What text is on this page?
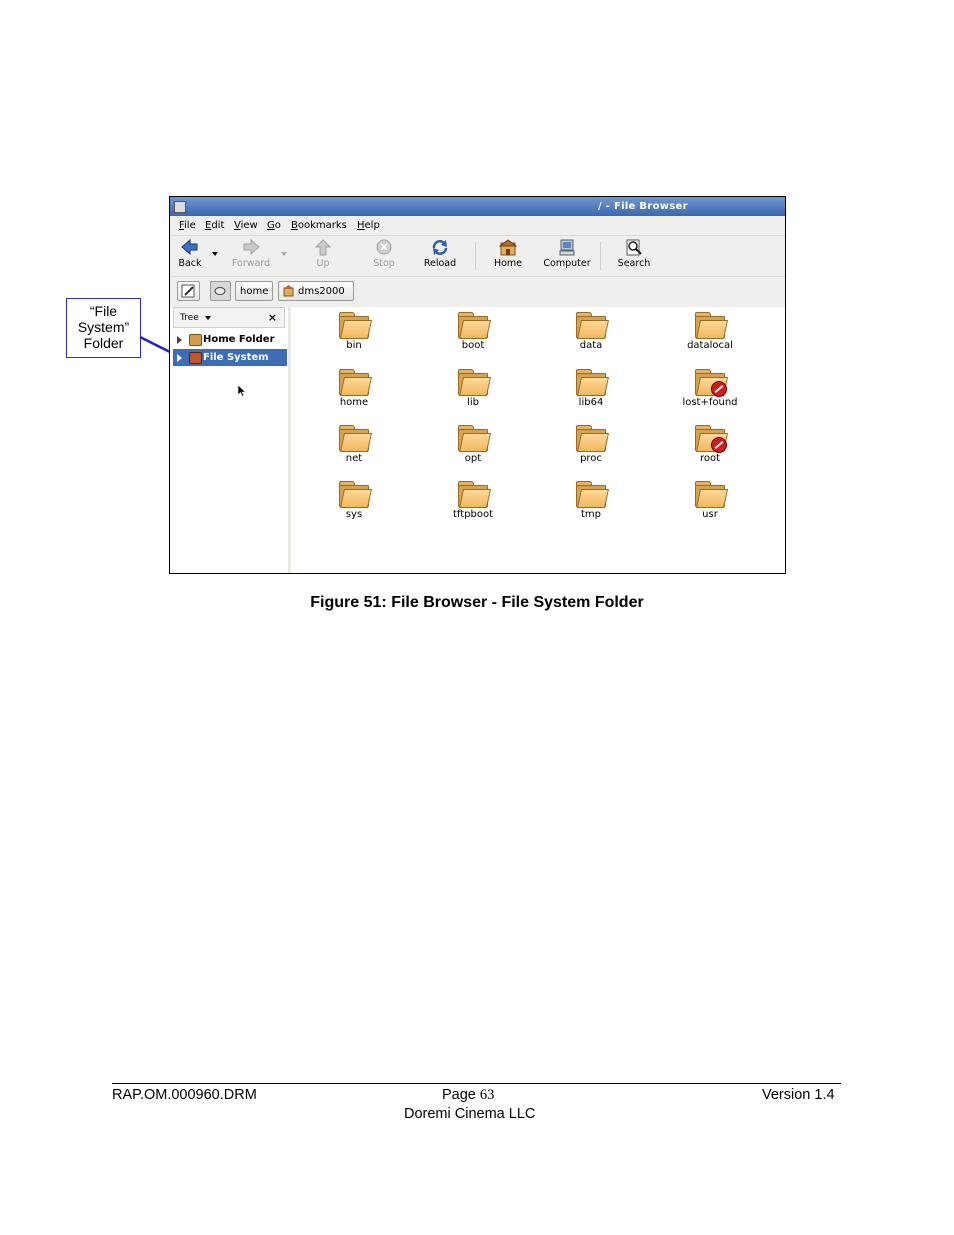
“File
System”
Folder
/ - File Browser
File Edit View Go Bookmarks Help
Back	Forward	Up	Stop	Reload	Home Computer	Search
home	dms2000
Tree	×
Home Folder
File System
bin	boot	data	datalocal
home	lib	lib64	lost+found
net	opt	proc	root
sys	tftpboot	tmp	usr
Figure 51: File Browser - File System Folder
RAP.OM.000960.DRM	Page 63
Doremi Cinema LLC
Version 1.4
